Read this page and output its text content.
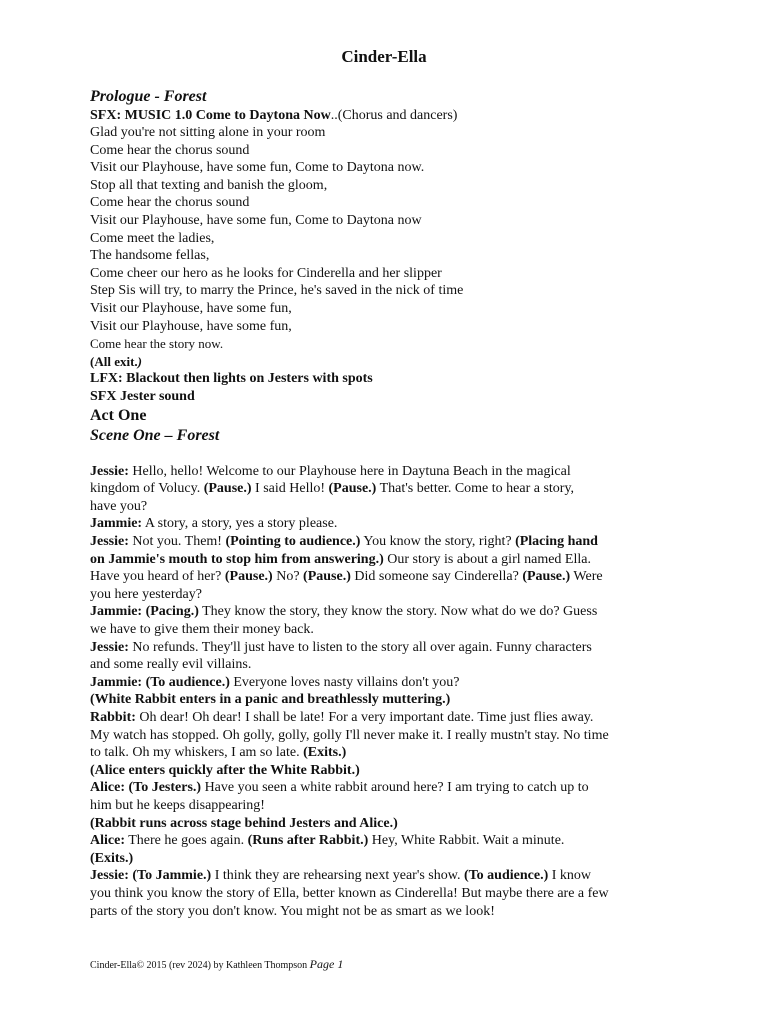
Cinder-Ella
Prologue - Forest
SFX: MUSIC 1.0 Come to Daytona Now..(Chorus and dancers)
Glad you're not sitting alone in your room
Come hear the chorus sound
Visit our Playhouse, have some fun, Come to Daytona now.
Stop all that texting and banish the gloom,
Come hear the chorus sound
Visit our Playhouse, have some fun, Come to Daytona now
Come meet the ladies,
The handsome fellas,
Come cheer our hero as he looks for Cinderella and her slipper
Step Sis will try, to marry the Prince, he's saved in the nick of time
Visit our Playhouse, have some fun,
Visit our Playhouse, have some fun,
Come hear the story now.
(All exit.)
LFX: Blackout then lights on Jesters with spots
SFX Jester sound
Act One
Scene One – Forest
Jessie: Hello, hello! Welcome to our Playhouse here in Daytuna Beach in the magical
kingdom of Volucy. (Pause.) I said Hello! (Pause.) That's better. Come to hear a story,
have you?
Jammie: A story, a story, yes a story please.
Jessie: Not you. Them! (Pointing to audience.) You know the story, right? (Placing hand
on Jammie's mouth to stop him from answering.) Our story is about a girl named Ella.
Have you heard of her? (Pause.) No? (Pause.) Did someone say Cinderella? (Pause.) Were
you here yesterday?
Jammie: (Pacing.) They know the story, they know the story. Now what do we do? Guess
we have to give them their money back.
Jessie: No refunds. They'll just have to listen to the story all over again. Funny characters
and some really evil villains.
Jammie: (To audience.) Everyone loves nasty villains don't you?
(White Rabbit enters in a panic and breathlessly muttering.)
Rabbit: Oh dear! Oh dear! I shall be late! For a very important date. Time just flies away.
My watch has stopped. Oh golly, golly, golly I'll never make it. I really mustn't stay. No time
to talk. Oh my whiskers, I am so late. (Exits.)
(Alice enters quickly after the White Rabbit.)
Alice: (To Jesters.) Have you seen a white rabbit around here? I am trying to catch up to
him but he keeps disappearing!
(Rabbit runs across stage behind Jesters and Alice.)
Alice: There he goes again. (Runs after Rabbit.) Hey, White Rabbit. Wait a minute.
(Exits.)
Jessie: (To Jammie.) I think they are rehearsing next year's show. (To audience.) I know
you think you know the story of Ella, better known as Cinderella! But maybe there are a few
parts of the story you don't know. You might not be as smart as we look!
Cinder-Ella© 2015 (rev 2024) by Kathleen Thompson Page 1
